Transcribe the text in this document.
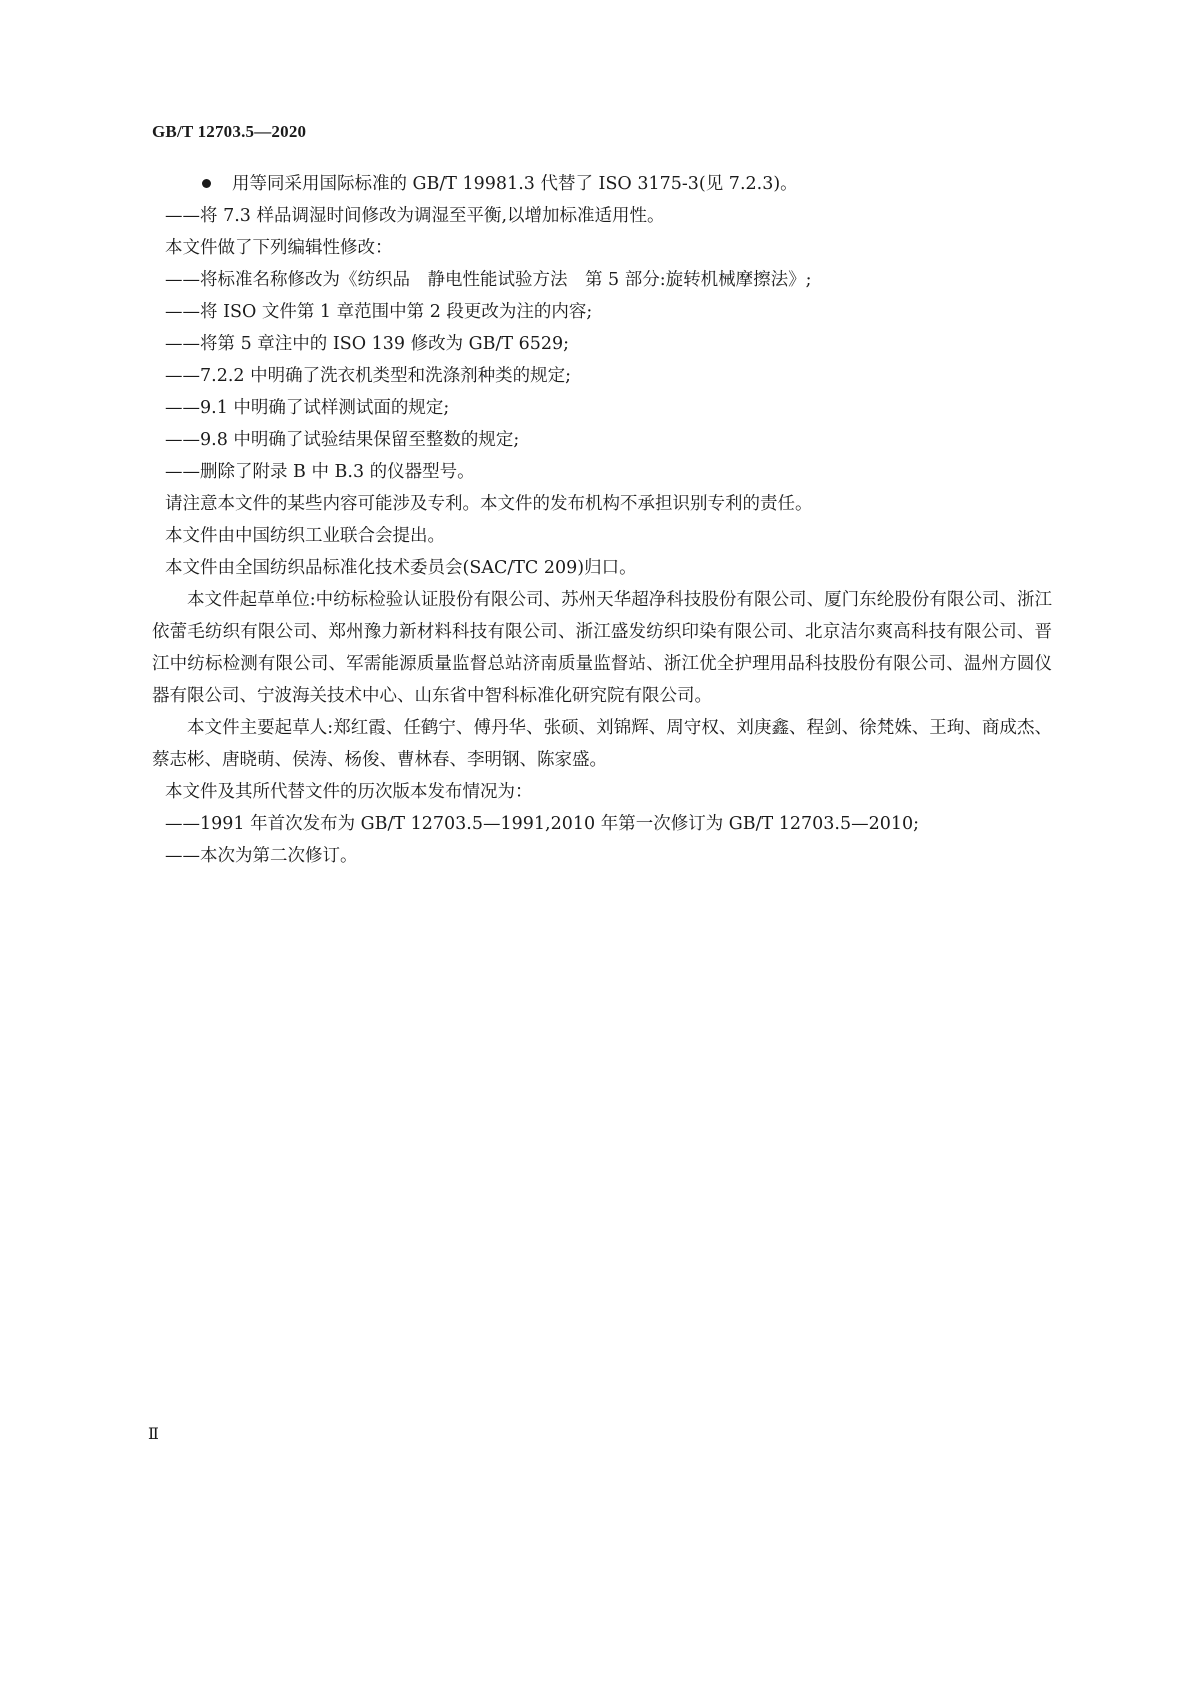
GB/T 12703.5—2020

用等同采用国际标准的 GB/T 19981.3 代替了 ISO 3175-3(见 7.2.3)。

——将 7.3 样品调湿时间修改为调湿至平衡,以增加标准适用性。

本文件做了下列编辑性修改：

——将标准名称修改为《纺织品　静电性能试验方法　第 5 部分:旋转机械摩擦法》;

——将 ISO 文件第 1 章范围中第 2 段更改为注的内容;

——将第 5 章注中的 ISO 139 修改为 GB/T 6529;

——7.2.2 中明确了洗衣机类型和洗涤剂种类的规定;

——9.1 中明确了试样测试面的规定;

——9.8 中明确了试验结果保留至整数的规定;

——删除了附录 B 中 B.3 的仪器型号。

请注意本文件的某些内容可能涉及专利。本文件的发布机构不承担识别专利的责任。

本文件由中国纺织工业联合会提出。

本文件由全国纺织品标准化技术委员会(SAC/TC 209)归口。

本文件起草单位:中纺标检验认证股份有限公司、苏州天华超净科技股份有限公司、厦门东纶股份有限公司、浙江依蕾毛纺织有限公司、郑州豫力新材料科技有限公司、浙江盛发纺织印染有限公司、北京洁尔爽高科技有限公司、晋江中纺标检测有限公司、军需能源质量监督总站济南质量监督站、浙江优全护理用品科技股份有限公司、温州方圆仪器有限公司、宁波海关技术中心、山东省中智科标准化研究院有限公司。

本文件主要起草人:郑红霞、任鹤宁、傅丹华、张硕、刘锦辉、周守权、刘庚鑫、程剑、徐梵姝、王珣、商成杰、蔡志彬、唐晓萌、侯涛、杨俊、曹林春、李明钢、陈家盛。

本文件及其所代替文件的历次版本发布情况为：

——1991 年首次发布为 GB/T 12703.5—1991,2010 年第一次修订为 GB/T 12703.5—2010;

——本次为第二次修订。

Ⅱ
